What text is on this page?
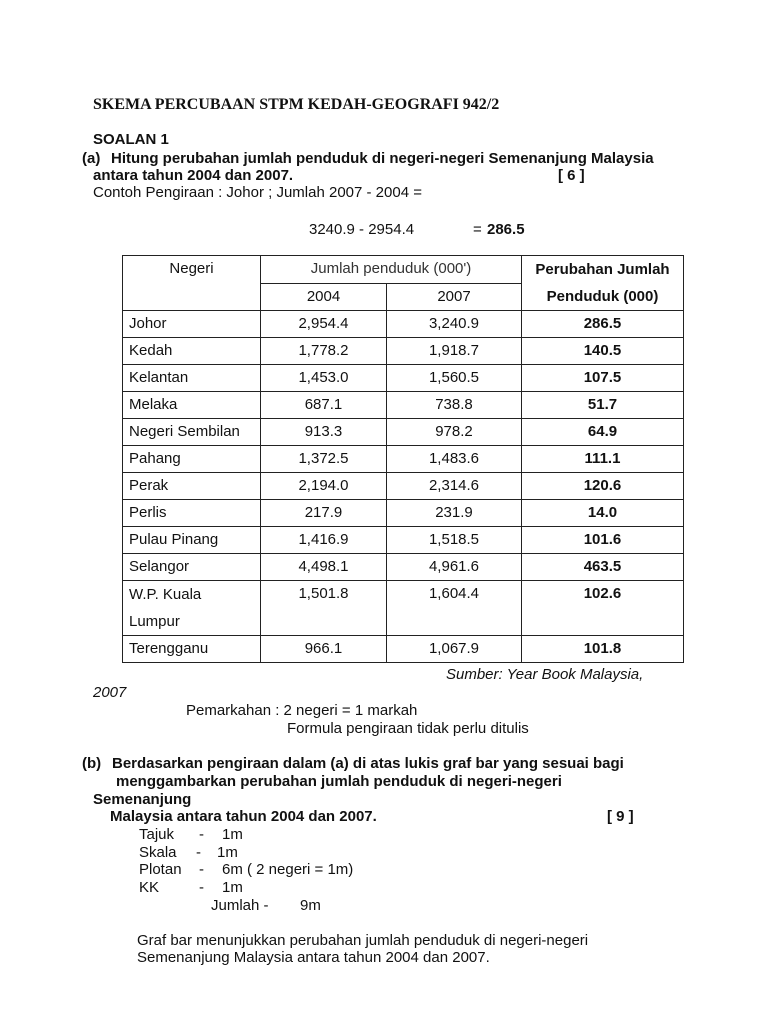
SKEMA PERCUBAAN STPM KEDAH-GEOGRAFI 942/2
SOALAN 1
(a) Hitung perubahan jumlah penduduk di negeri-negeri Semenanjung Malaysia
antara tahun 2004 dan 2007.	[ 6 ]
Contoh Pengiraan : Johor ; Jumlah 2007 - 2004 =
3240.9 - 2954.4	= 286.5
Negeri	Jumlah penduduk (000')		Perubahan Jumlah
Penduduk (000)
	2004	2007	
Johor	2,954.4	3,240.9	286.5
Kedah	1,778.2	1,918.7	140.5
Kelantan	1,453.0	1,560.5	107.5
Melaka	687.1	738.8	51.7
Negeri Sembilan	913.3	978.2	64.9
Pahang	1,372.5	1,483.6	111.1
Perak	2,194.0	2,314.6	120.6
Perlis	217.9	231.9	14.0
Pulau Pinang	1,416.9	1,518.5	101.6
Selangor	4,498.1	4,961.6	463.5
W.P. Kuala
Lumpur	1,501.8	1,604.4	102.6
Terengganu	966.1	1,067.9	101.8
Sumber: Year Book Malaysia,
2007
Pemarkahan : 2 negeri = 1 markah
Formula pengiraan tidak perlu ditulis
(b) Berdasarkan pengiraan dalam (a) di atas lukis graf bar yang sesuai bagi
menggambarkan perubahan jumlah penduduk di negeri-negeri
Semenanjung
Malaysia antara tahun 2004 dan 2007.	[ 9 ]
Tajuk - 1m
Skala - 1m
Plotan - 6m ( 2 negeri = 1m)
KK	- 1m
Jumlah - 9m
Graf bar menunjukkan perubahan jumlah penduduk di negeri-negeri
Semenanjung Malaysia antara tahun 2004 dan 2007.
